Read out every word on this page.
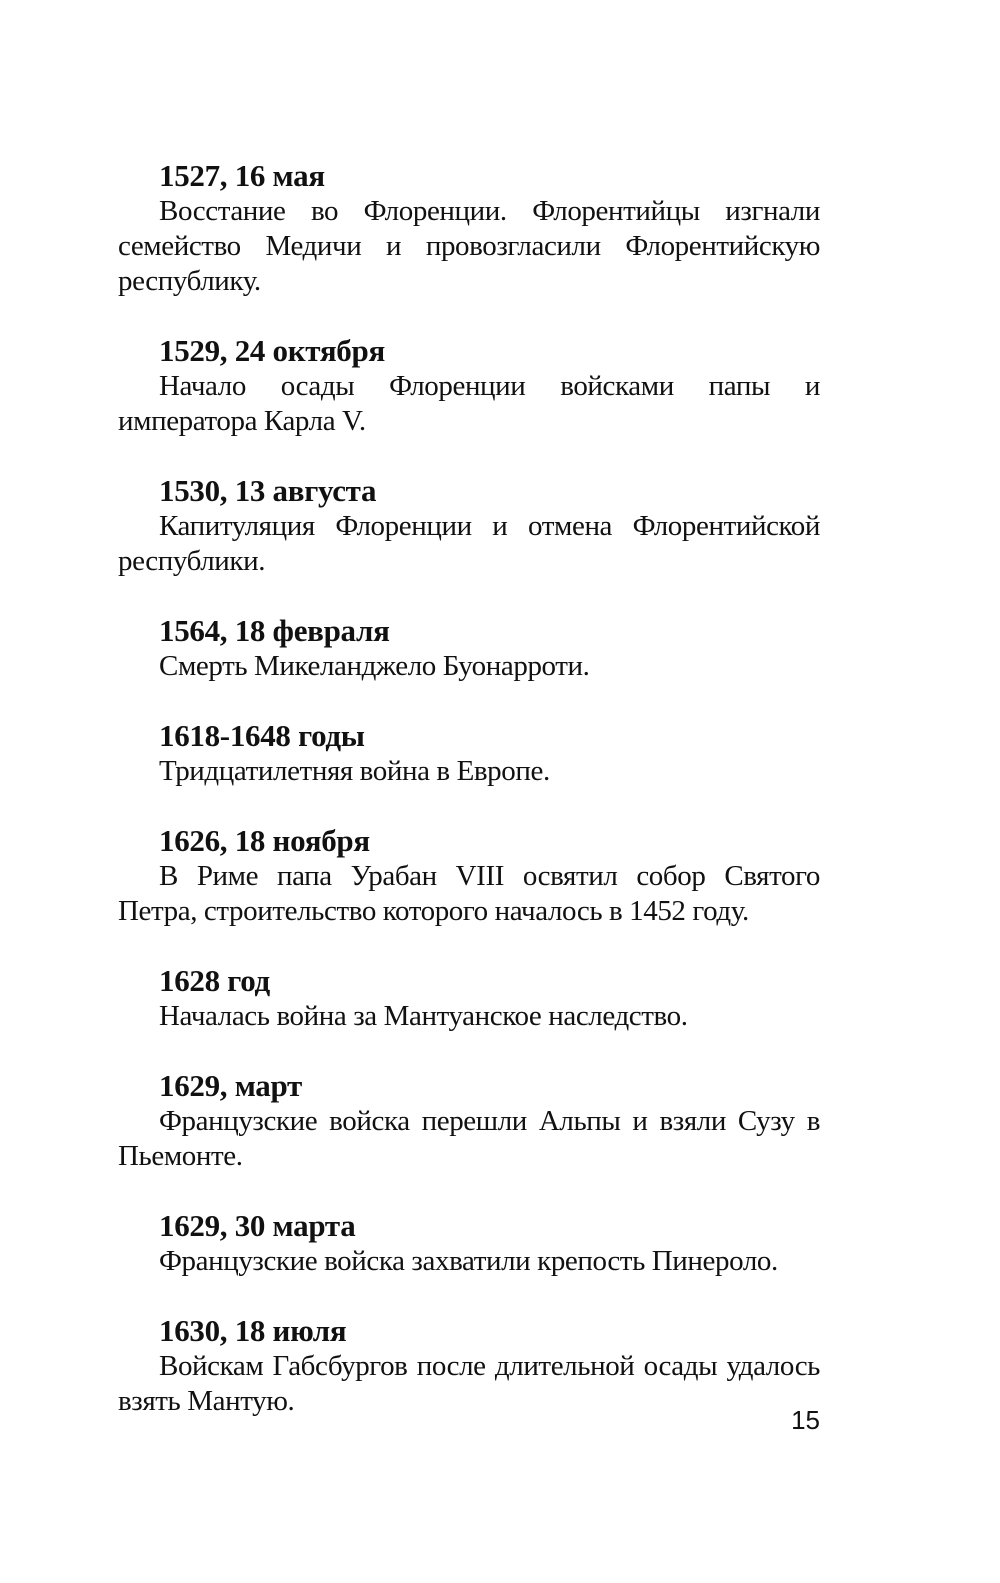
1527, 16 мая

Восстание во Флоренции. Флорентийцы изгнали семейство Медичи и провозгласили Флорентийскую республику.

1529, 24 октября

Начало осады Флоренции войсками папы и императора Карла V.

1530, 13 августа

Капитуляция Флоренции и отмена Флорентийской республики.

1564, 18 февраля

Смерть Микеланджело Буонарроти.

1618-1648 годы

Тридцатилетняя война в Европе.

1626, 18 ноября

В Риме папа Урабан VIII освятил собор Святого Петра, строительство которого началось в 1452 году.

1628 год

Началась война за Мантуанское наследство.

1629, март

Французские войска перешли Альпы и взяли Сузу в Пьемонте.

1629, 30 марта

Французские войска захватили крепость Пинероло.

1630, 18 июля

Войскам Габсбургов после длительной осады удалось взять Мантую.

15
